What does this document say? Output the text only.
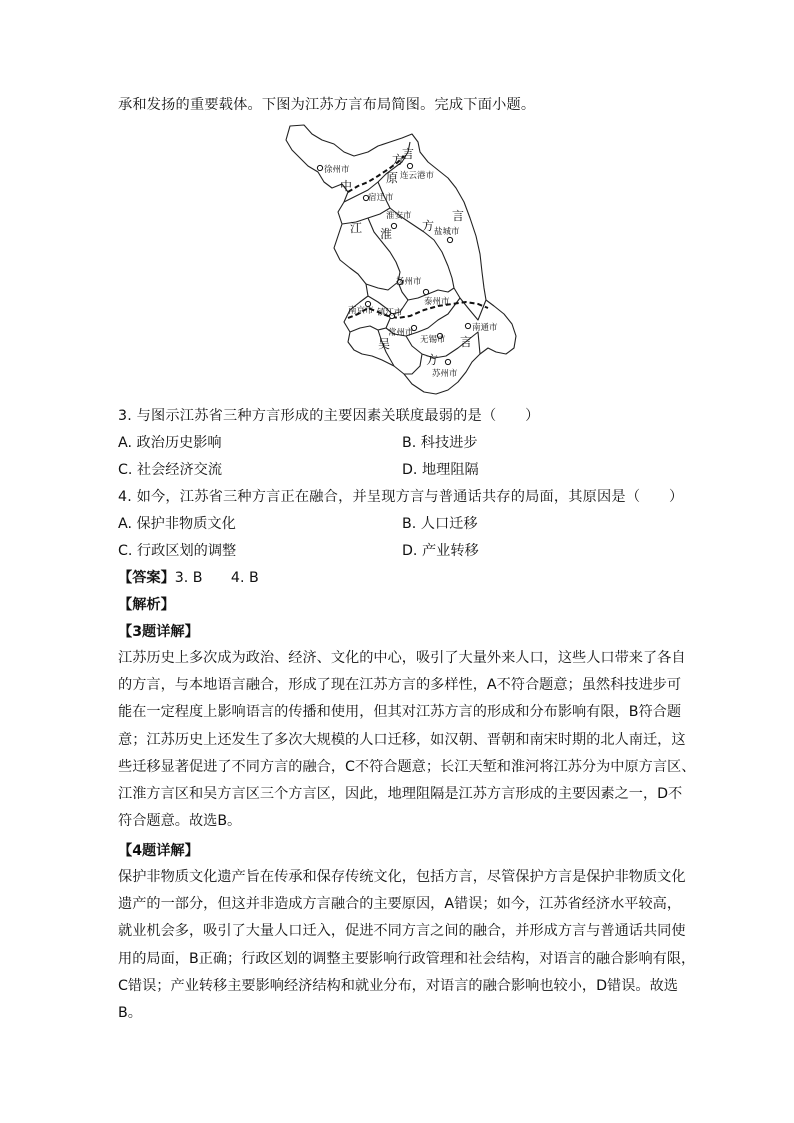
承和发扬的重要载体。下图为江苏方言布局简图。完成下面小题。
徐州市
连云港市
宿迁市
淮安市
盐城市
扬州市
泰州市
南京市 镇江市
常州市
无锡市
南通市
苏州市
中
原
方
言
江 淮
方
言
吴
方
言
3. 与图示江苏省三种方言形成的主要因素关联度最弱的是（　　）
A. 政治历史影响	B. 科技进步
C. 社会经济交流	D. 地理阻隔
4. 如今，江苏省三种方言正在融合，并呈现方言与普通话共存的局面，其原因是（　　）
A. 保护非物质文化	B. 人口迁移
C. 行政区划的调整	D. 产业转移
【答案】3. B　　4. B
【解析】
【3题详解】
江苏历史上多次成为政治、经济、文化的中心，吸引了大量外来人口，这些人口带来了各自
的方言，与本地语言融合，形成了现在江苏方言的多样性，A不符合题意；虽然科技进步可
能在一定程度上影响语言的传播和使用，但其对江苏方言的形成和分布影响有限，B符合题
意；江苏历史上还发生了多次大规模的人口迁移，如汉朝、晋朝和南宋时期的北人南迁，这
些迁移显著促进了不同方言的融合，C不符合题意；长江天堑和淮河将江苏分为中原方言区、
江淮方言区和吴方言区三个方言区，因此，地理阻隔是江苏方言形成的主要因素之一，D不
符合题意。故选B。
【4题详解】
保护非物质文化遗产旨在传承和保存传统文化，包括方言，尽管保护方言是保护非物质文化
遗产的一部分，但这并非造成方言融合的主要原因，A错误；如今，江苏省经济水平较高，
就业机会多，吸引了大量人口迁入，促进不同方言之间的融合，并形成方言与普通话共同使
用的局面，B正确；行政区划的调整主要影响行政管理和社会结构，对语言的融合影响有限，
C错误；产业转移主要影响经济结构和就业分布，对语言的融合影响也较小，D错误。故选
B。
